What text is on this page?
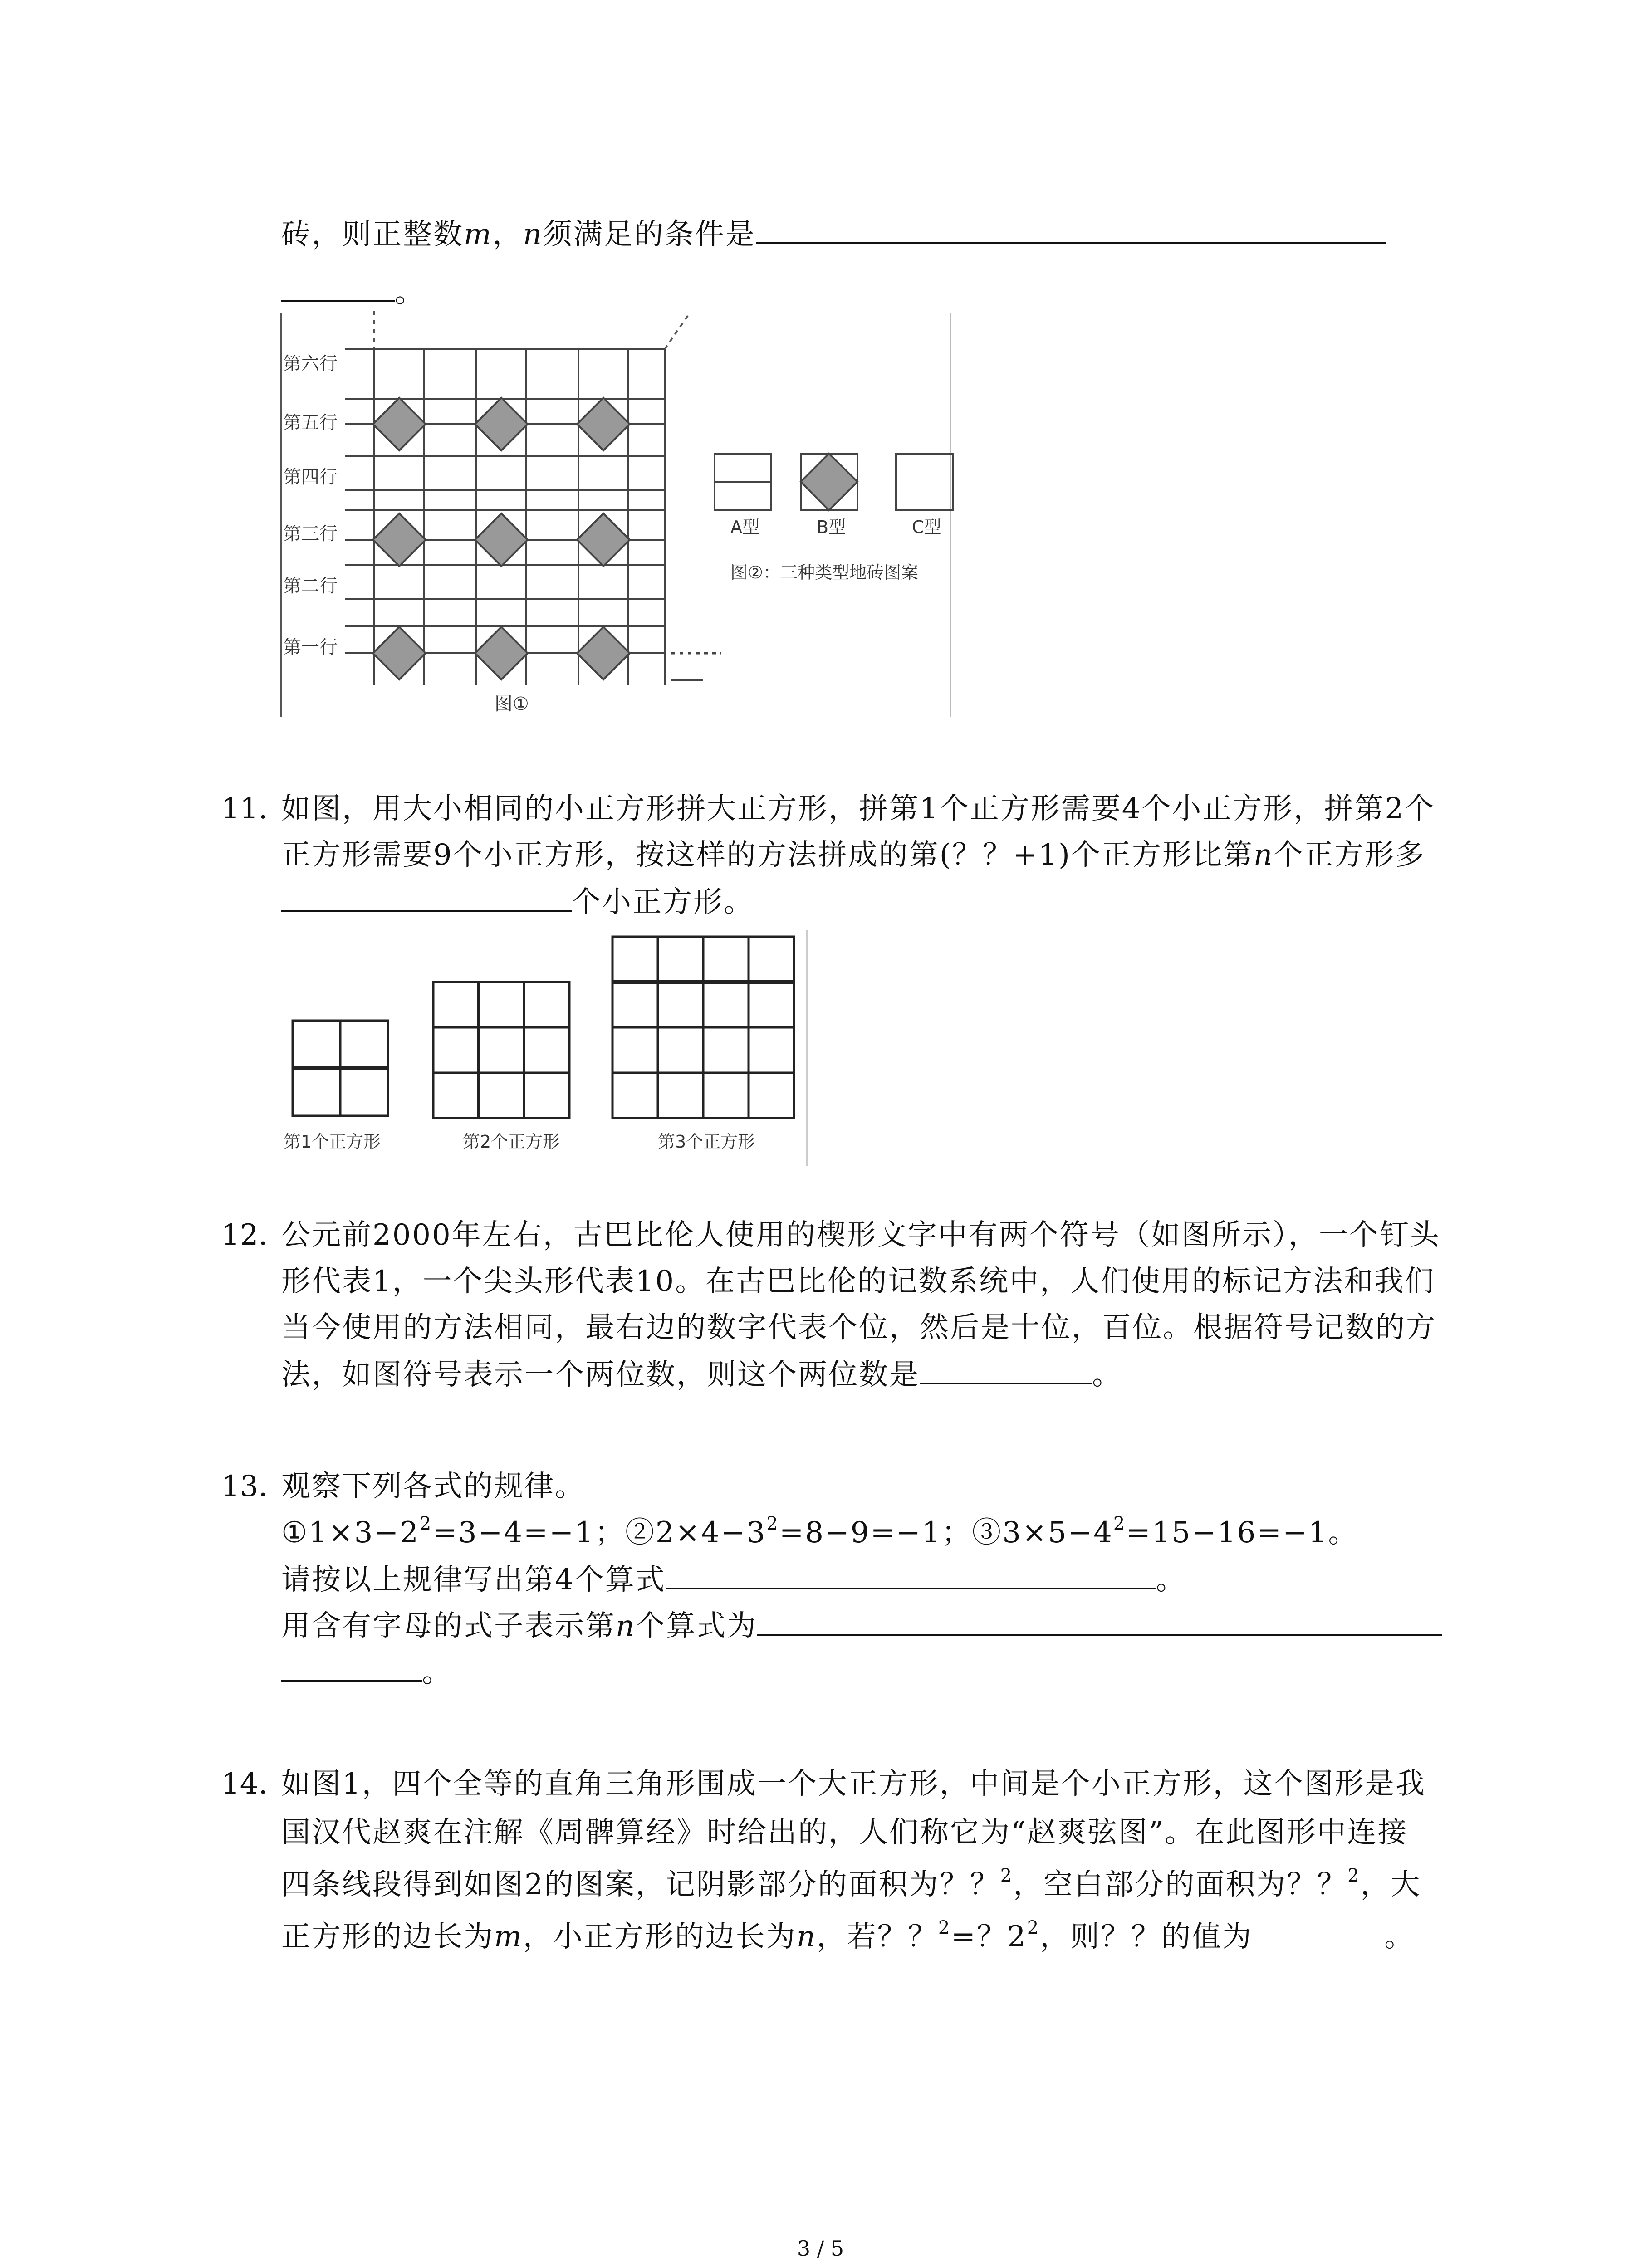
砖，则正整数m，n须满足的条件是
。
第六行
第五行
第四行
第三行
第二行
第一行
图①
A型	B型	C型
图②：三种类型地砖图案
11. 如图，用大小相同的小正方形拼大正方形，拼第1个正方形需要4个小正方形，拼第2个
正方形需要9个小正方形，按这样的方法拼成的第(？？+1)个正方形比第n个正方形多
个小正方形。
第1个正方形	第2个正方形	第3个正方形
12. 公元前2000年左右，古巴比伦人使用的楔形文字中有两个符号（如图所示），一个钉头
形代表1，一个尖头形代表10。在古巴比伦的记数系统中，人们使用的标记方法和我们
当今使用的方法相同，最右边的数字代表个位，然后是十位，百位。根据符号记数的方
法，如图符号表示一个两位数，则这个两位数是	。
13. 观察下列各式的规律。
$①1\times 3-2^2=3-4=-1$；$②2\times 4-3^2=8-9=-1$；$③3\times 5-4^2=15-16=-1$。
请按以上规律写出第4个算式	。
用含有字母的式子表示第n个算式为
。
14. 如图1，四个全等的直角三角形围成一个大正方形，中间是个小正方形，这个图形是我
国汉代赵爽在注解《周髀算经》时给出的，人们称它为“赵爽弦图”。在此图形中连接
四条线段得到如图2的图案，记阴影部分的面积为？？$^2$，空白部分的面积为？？$^2$，大
正方形的边长为m，小正方形的边长为n，若？？$^2$=？$2^2$，则？？的值为	。
3 / 5
